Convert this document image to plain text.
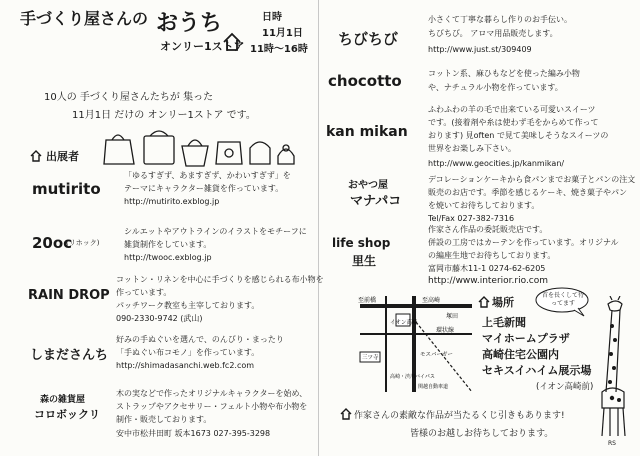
手づくり屋さんの おうち
オンリー1ストア
日時
11月1日
11時～16時
10人の 手づくり屋さんたちが 集った
11月1日 だけの オンリー1ストア です。
出展者
mutirito
「ゆるすぎず、あますぎず、かわいすぎず」を
テーマにキャラクター雑貨を作っています。
http://mutirito.exblog.jp
20oc
(リホック)
シルエットやアウトラインのイラストをモチーフに
雑貨制作をしています。
http://twooc.exblog.jp
RAIN DROP
コットン・リネンを中心に手づくりを感じられる布小物を
作っています。
パッチワーク教室も主宰しております。
090-2330-9742 (武山)
しまださんち
好みの手ぬぐいを選んで、のんびり・まったり
「手ぬぐい布コモノ」を作っています。
http://shimadasanchi.web.fc2.com
森の雑貨屋
コロボックリ
木の実などで作ったオリジナルキャラクターを始め、
ストラップやアクセサリー・フェルト小物や布小物を
制作・販売しております。
安中市松井田町 坂本1673 027-395-3298
ちびちび
小さくて丁寧な暮らし作りのお手伝い。
ちびちび。 アロマ用品販売します。
http://www.just.st/309409
chocotto	コットン系、麻ひもなどを使った編み小物
や、ナチュラル小物を作っています。
kan mikan
ふわふわの羊の毛で出来ている可愛いスイーツ
です。(接着剤や糸は使わず毛をからめて作って
おります) 見often で見て美味しそうなスイーツの
世界をお楽しみ下さい。
http://www.geocities.jp/kanmikan/
おやつ屋
マナパコ
デコレーションケーキから食パンまでお菓子とパンの注文
販売のお店です。季節を感じるケーキ、焼き菓子やパン
を焼いてお待ちしております。
Tel/Fax 027-382-7316
life shop
里生
作家さん作品の委託販売店です。
併設の工房ではカーテンを作っています。オリジナル
の編座生地でお待ちしております。
富岡市藤木11-1 0274-62-6205
http://www.interior.rio.com
至高崎
至前橋
イオン高崎
環状線
三ツ寺	モスバーガー
高崎・渋川バイパス
関越自動車道
塚田
場所
上毛新聞
マイホームプラザ
高崎住宅公園内
セキスイハイム展示場
(イオン高崎前)
首を長くして待ってます
RS
作家さんの素敵な作品が当たるくじ引きもあります!
皆様のお越しお待ちしております。
